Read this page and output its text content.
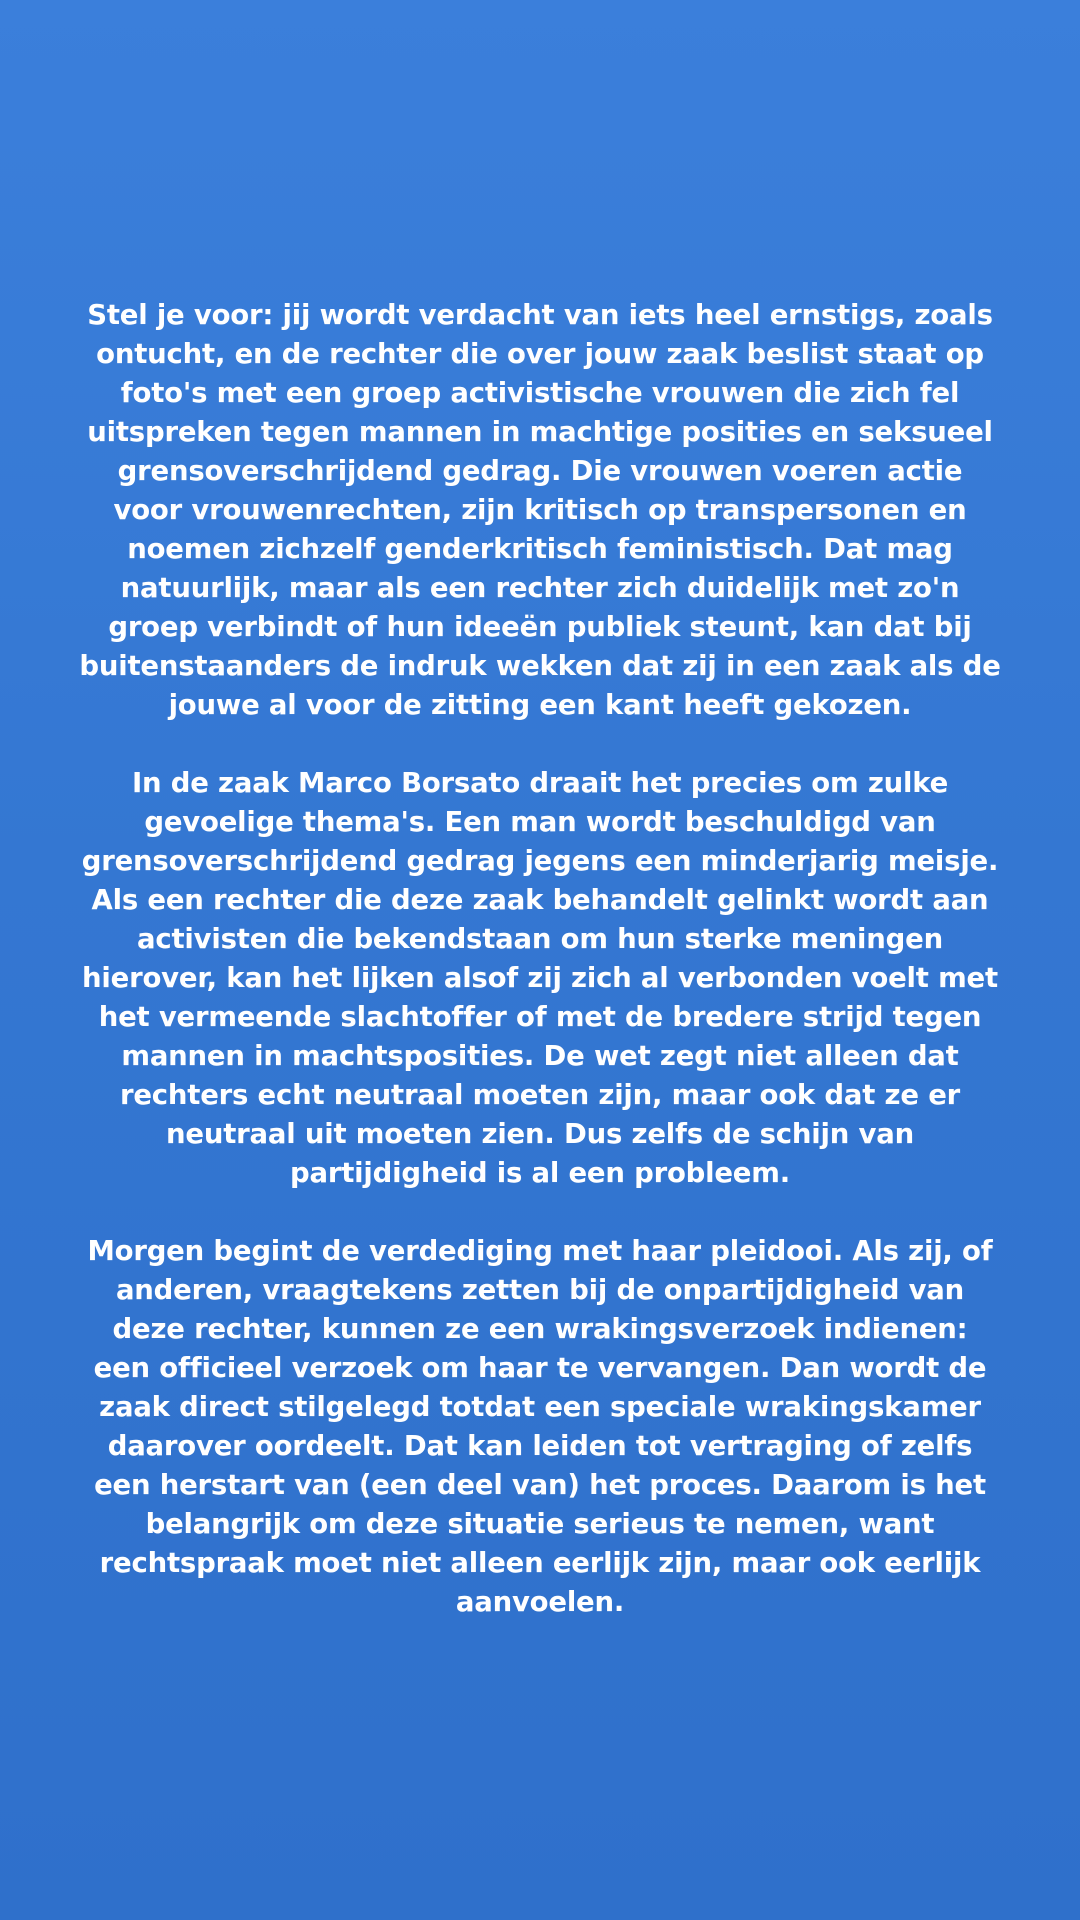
Stel je voor: jij wordt verdacht van iets heel ernstigs, zoals
ontucht, en de rechter die over jouw zaak beslist staat op
foto's met een groep activistische vrouwen die zich fel
uitspreken tegen mannen in machtige posities en seksueel
grensoverschrijdend gedrag. Die vrouwen voeren actie
voor vrouwenrechten, zijn kritisch op transpersonen en
noemen zichzelf genderkritisch feministisch. Dat mag
natuurlijk, maar als een rechter zich duidelijk met zo'n
groep verbindt of hun ideeën publiek steunt, kan dat bij
buitenstaanders de indruk wekken dat zij in een zaak als de
jouwe al voor de zitting een kant heeft gekozen.
In de zaak Marco Borsato draait het precies om zulke
gevoelige thema's. Een man wordt beschuldigd van
grensoverschrijdend gedrag jegens een minderjarig meisje.
Als een rechter die deze zaak behandelt gelinkt wordt aan
activisten die bekendstaan om hun sterke meningen
hierover, kan het lijken alsof zij zich al verbonden voelt met
het vermeende slachtoffer of met de bredere strijd tegen
mannen in machtsposities. De wet zegt niet alleen dat
rechters echt neutraal moeten zijn, maar ook dat ze er
neutraal uit moeten zien. Dus zelfs de schijn van
partijdigheid is al een probleem.
Morgen begint de verdediging met haar pleidooi. Als zij, of
anderen, vraagtekens zetten bij de onpartijdigheid van
deze rechter, kunnen ze een wrakingsverzoek indienen:
een officieel verzoek om haar te vervangen. Dan wordt de
zaak direct stilgelegd totdat een speciale wrakingskamer
daarover oordeelt. Dat kan leiden tot vertraging of zelfs
een herstart van (een deel van) het proces. Daarom is het
belangrijk om deze situatie serieus te nemen, want
rechtspraak moet niet alleen eerlijk zijn, maar ook eerlijk
aanvoelen.
